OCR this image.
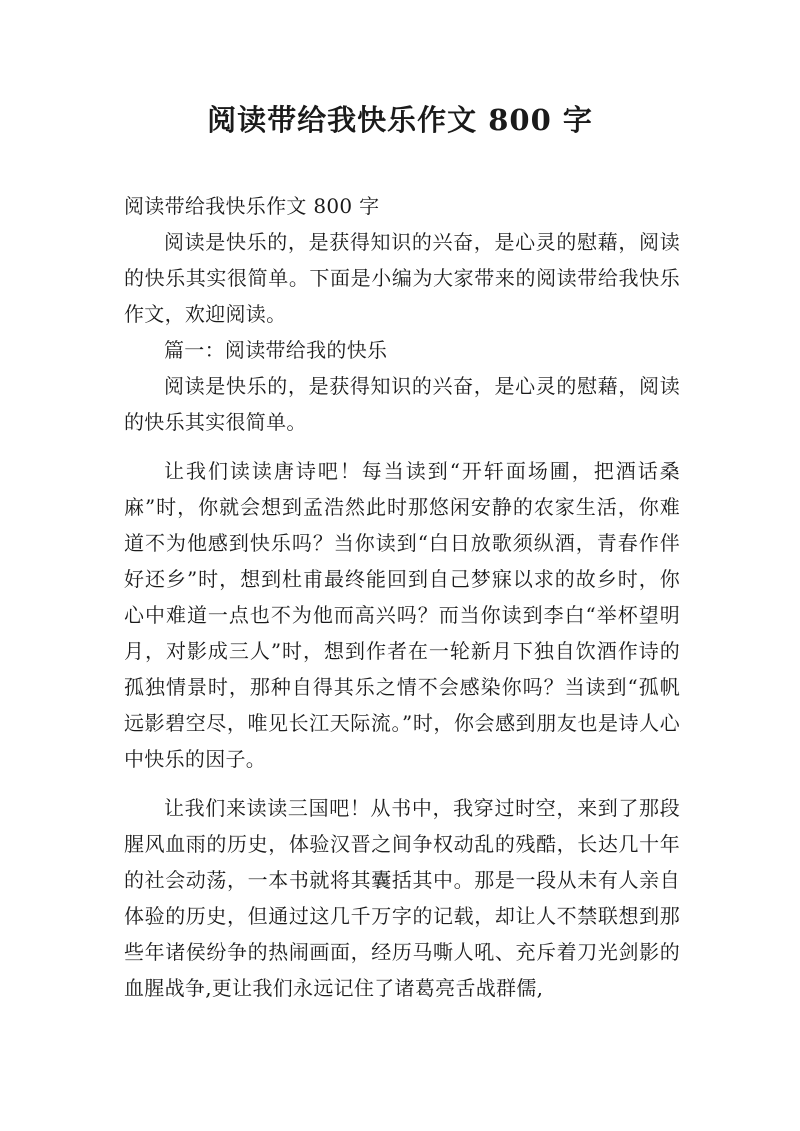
阅读带给我快乐作文 800 字
阅读带给我快乐作文 800 字

阅读是快乐的，是获得知识的兴奋，是心灵的慰藉，阅读的快乐其实很简单。下面是小编为大家带来的阅读带给我快乐作文，欢迎阅读。

篇一：阅读带给我的快乐

阅读是快乐的，是获得知识的兴奋，是心灵的慰藉，阅读的快乐其实很简单。

让我们读读唐诗吧！每当读到“开轩面场圃，把酒话桑麻”时，你就会想到孟浩然此时那悠闲安静的农家生活，你难道不为他感到快乐吗？当你读到“白日放歌须纵酒，青春作伴好还乡”时，想到杜甫最终能回到自己梦寐以求的故乡时，你心中难道一点也不为他而高兴吗？而当你读到李白“举杯望明月，对影成三人”时，想到作者在一轮新月下独自饮酒作诗的孤独情景时，那种自得其乐之情不会感染你吗？当读到“孤帆远影碧空尽，唯见长江天际流。”时，你会感到朋友也是诗人心中快乐的因子。

让我们来读读三国吧！从书中，我穿过时空，来到了那段腥风血雨的历史，体验汉晋之间争权动乱的残酷，长达几十年的社会动荡，一本书就将其囊括其中。那是一段从未有人亲自体验的历史，但通过这几千万字的记载，却让人不禁联想到那些年诸侯纷争的热闹画面，经历马嘶人吼、充斥着刀光剑影的血腥战争,更让我们永远记住了诸葛亮舌战群儒,
